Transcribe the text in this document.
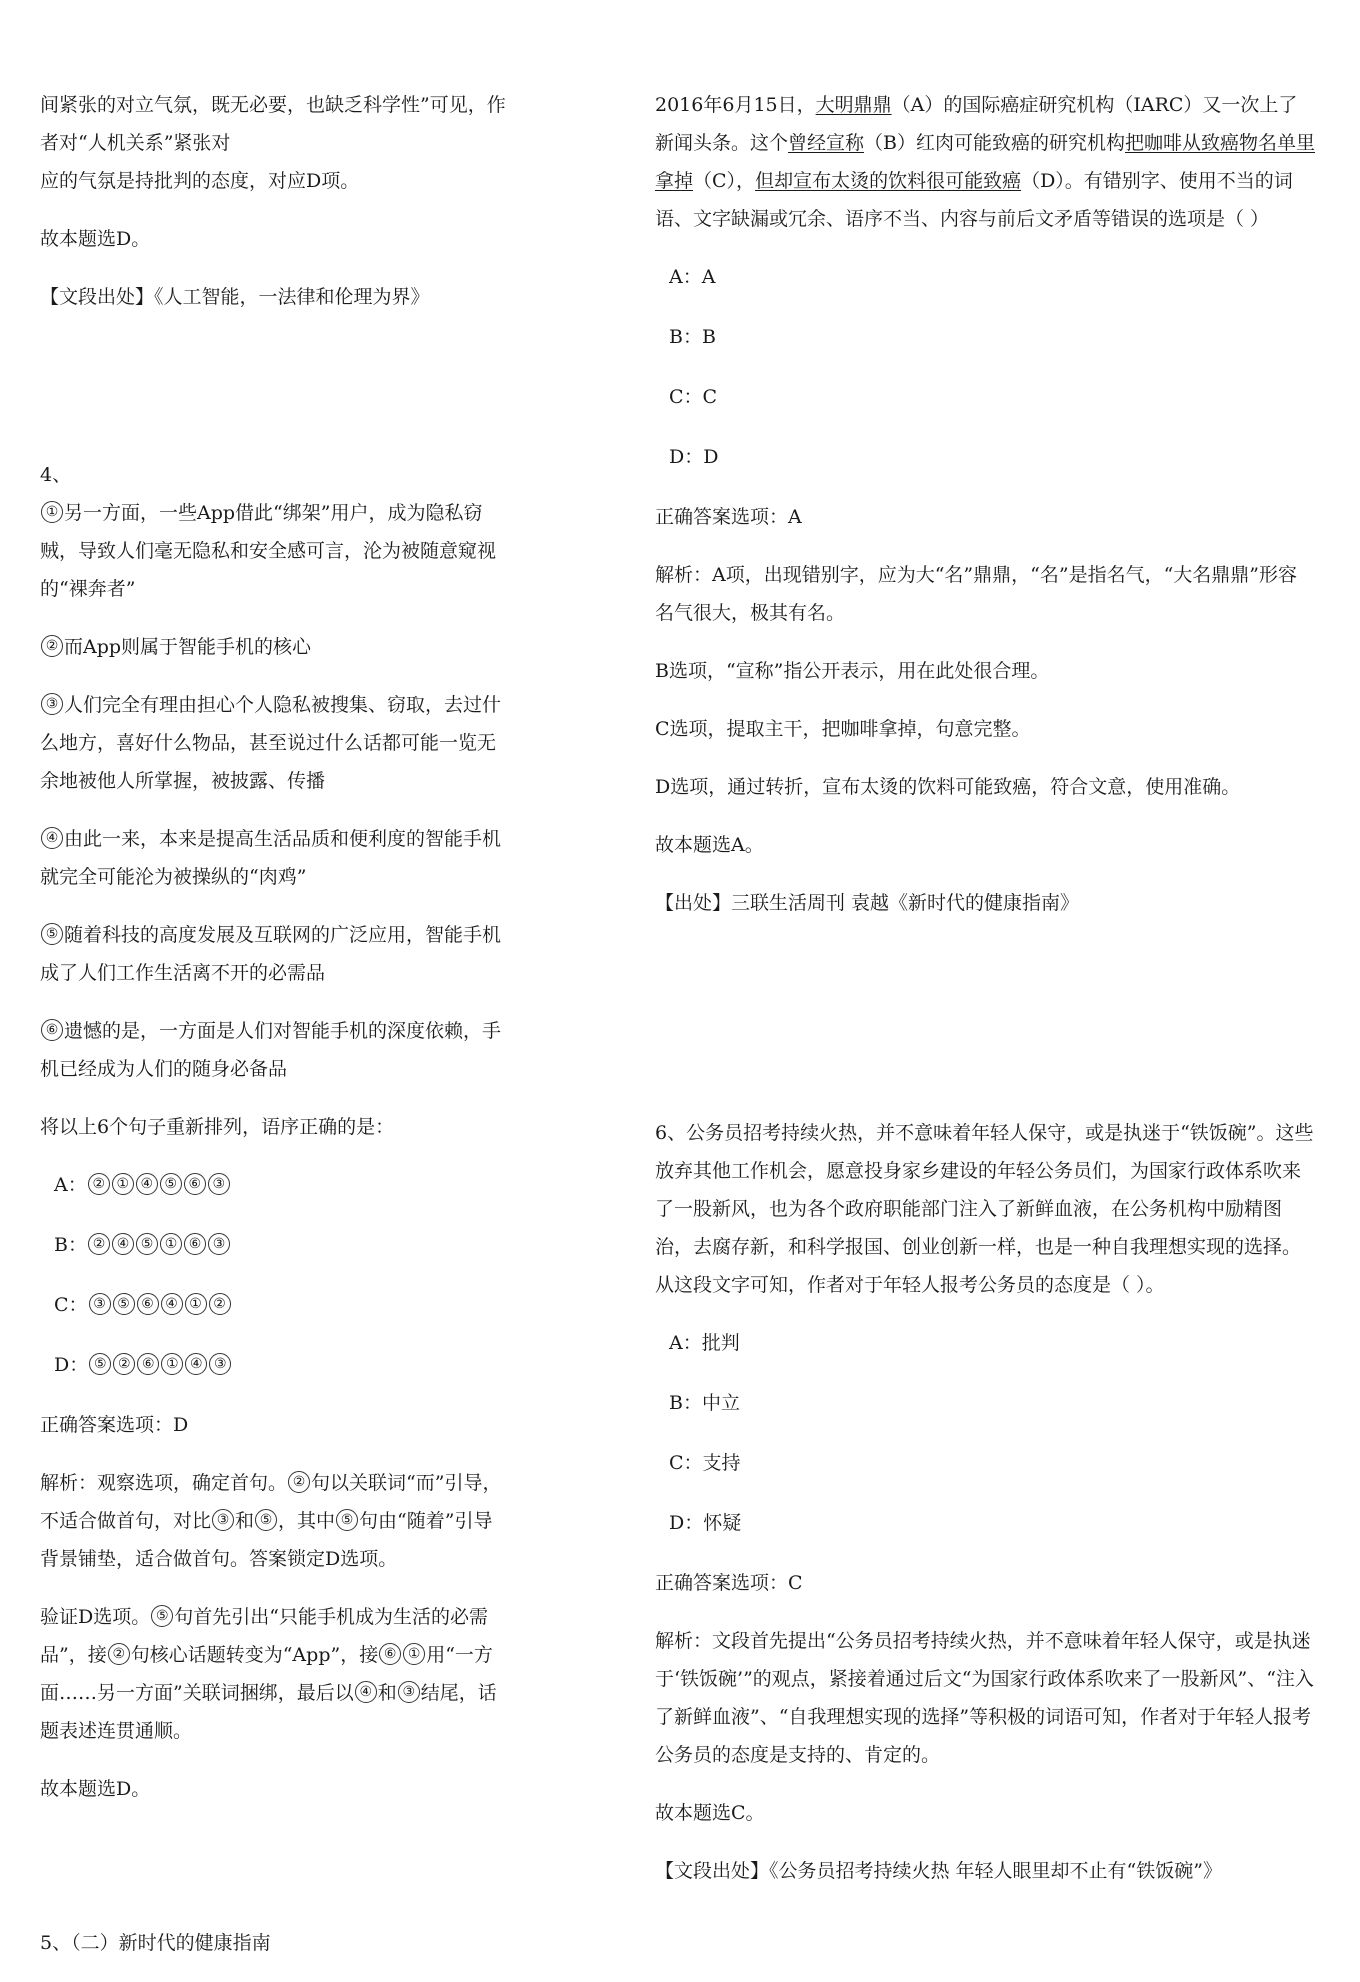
间紧张的对立气氛，既无必要，也缺乏科学性”可见，作者对“人机关系”紧张对
应的气氛是持批判的态度，对应D项。

故本题选D。

【文段出处】《人工智能，一法律和伦理为界》

4、

① 另一方面，一些App借此“绑架”用户，成为隐私窃贼，导致人们毫无隐私和安全感可言，沦为被随意窥视的“裸奔者”

② 而App则属于智能手机的核心

③ 人们完全有理由担心个人隐私被搜集、窃取，去过什么地方，喜好什么物品，甚至说过什么话都可能一览无余地被他人所掌握，被披露、传播

④ 由此一来，本来是提高生活品质和便利度的智能手机就完全可能沦为被操纵的“肉鸡”

⑤ 随着科技的高度发展及互联网的广泛应用，智能手机成了人们工作生活离不开的必需品

⑥ 遗憾的是，一方面是人们对智能手机的深度依赖，手机已经成为人们的随身必备品

将以上6个句子重新排列，语序正确的是：

A： ② ① ④ ⑤ ⑥ ③
B： ② ④ ⑤ ① ⑥ ③
C： ③ ⑤ ⑥ ④ ① ②
D： ⑤ ② ⑥ ① ④ ③

正确答案选项：D

解析：观察选项，确定首句。 ② 句以关联词“而”引导，不适合做首句，对比 ③ 和 ⑤ ，其中 ⑤ 句由“随着”引导背景铺垫，适合做首句。答案锁定D选项。

验证D选项。 ⑤ 句首先引出“只能手机成为生活的必需品”，接 ② 句核心话题转变为“App”，接 ⑥ ① 用“一方面……另一方面”关联词捆绑，最后以 ④ 和 ③ 结尾，话题表述连贯通顺。

故本题选D。

5、（二）新时代的健康指南

2016年6月15日，大明鼎鼎（A）的国际癌症研究机构（IARC）又一次上了新闻头条。这个曾经宣称（B）红肉可能致癌的研究机构把咖啡从致癌物名单里拿掉（C），但却宣布太烫的饮料很可能致癌（D）。有错别字、使用不当的词语、文字缺漏或冗余、语序不当、内容与前后文矛盾等错误的选项是（ ）

A：A
B：B
C：C
D：D

正确答案选项：A

解析：A项，出现错别字，应为大“名”鼎鼎，“名”是指名气，“大名鼎鼎”形容名气很大，极其有名。

B选项，“宣称”指公开表示，用在此处很合理。

C选项，提取主干，把咖啡拿掉，句意完整。

D选项，通过转折，宣布太烫的饮料可能致癌，符合文意，使用准确。

故本题选A。

【出处】三联生活周刊 袁越《新时代的健康指南》

6、公务员招考持续火热，并不意味着年轻人保守，或是执迷于“铁饭碗”。这些放弃其他工作机会，愿意投身家乡建设的年轻公务员们，为国家行政体系吹来了一股新风，也为各个政府职能部门注入了新鲜血液，在公务机构中励精图治，去腐存新，和科学报国、创业创新一样，也是一种自我理想实现的选择。从这段文字可知，作者对于年轻人报考公务员的态度是（ ）。

A：批判
B：中立
C：支持
D：怀疑

正确答案选项：C

解析：文段首先提出“公务员招考持续火热，并不意味着年轻人保守，或是执迷于‘铁饭碗’”的观点，紧接着通过后文“为国家行政体系吹来了一股新风”、“注入了新鲜血液”、“自我理想实现的选择”等积极的词语可知，作者对于年轻人报考公务员的态度是支持的、肯定的。

故本题选C。

【文段出处】《公务员招考持续火热 年轻人眼里却不止有“铁饭碗”》
